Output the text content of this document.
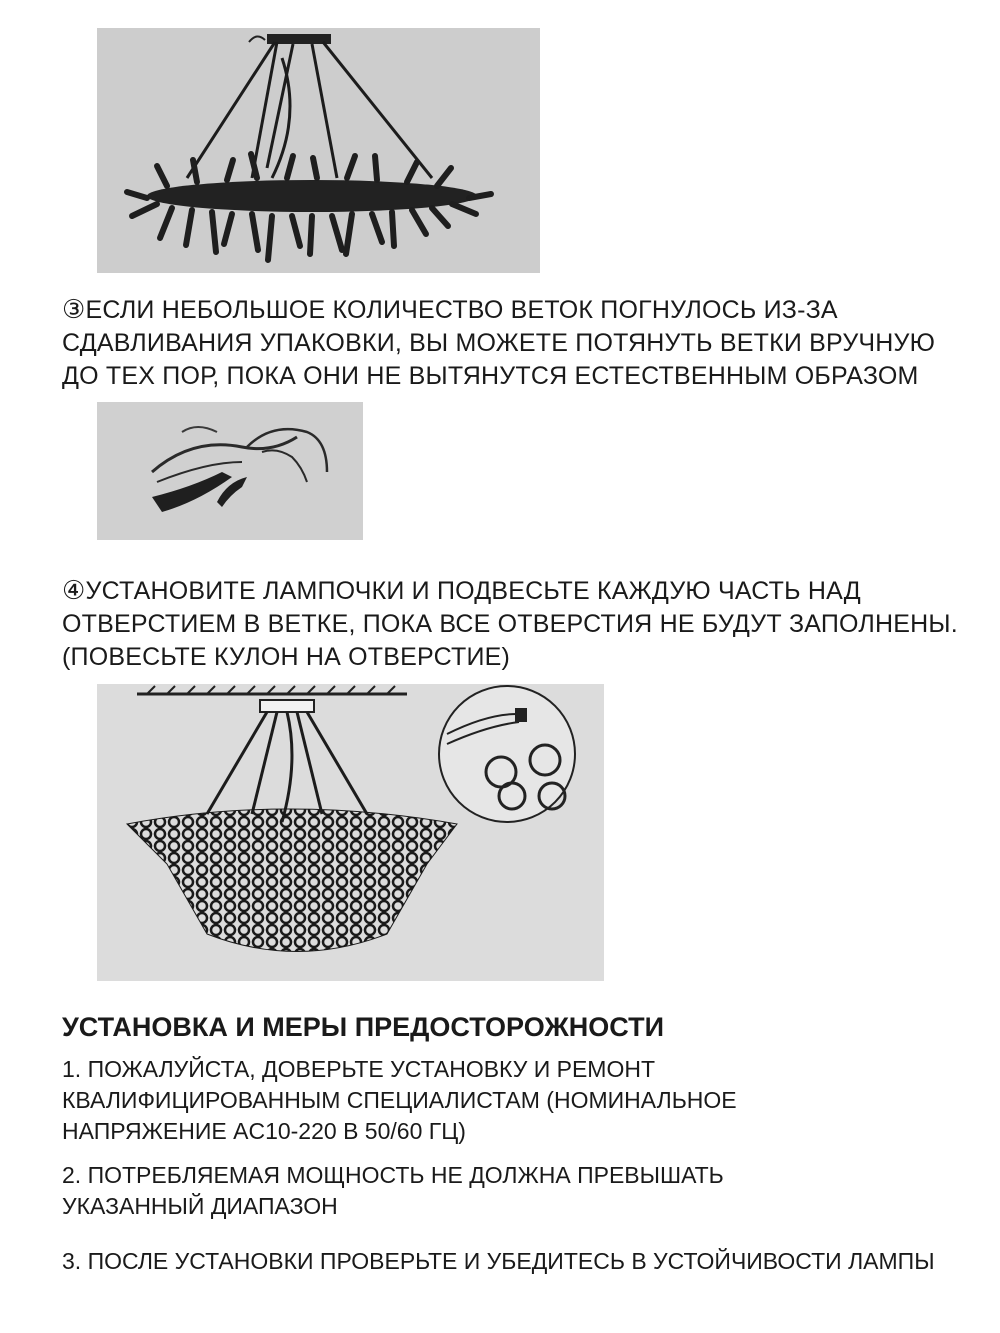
③ЕСЛИ НЕБОЛЬШОЕ КОЛИЧЕСТВО ВЕТОК ПОГНУЛОСЬ ИЗ-ЗА СДАВЛИВАНИЯ УПАКОВКИ, ВЫ МОЖЕТЕ ПОТЯНУТЬ ВЕТКИ ВРУЧНУЮ ДО ТЕХ ПОР, ПОКА ОНИ НЕ ВЫТЯНУТСЯ ЕСТЕСТВЕННЫМ ОБРАЗОМ

④УСТАНОВИТЕ ЛАМПОЧКИ И ПОДВЕСЬТЕ КАЖДУЮ ЧАСТЬ НАД ОТВЕРСТИЕМ В ВЕТКЕ, ПОКА ВСЕ ОТВЕРСТИЯ НЕ БУДУТ ЗАПОЛНЕНЫ. (ПОВЕСЬТЕ КУЛОН НА ОТВЕРСТИЕ)

УСТАНОВКА И МЕРЫ ПРЕДОСТОРОЖНОСТИ

1. ПОЖАЛУЙСТА, ДОВЕРЬТЕ УСТАНОВКУ И РЕМОНТ КВАЛИФИЦИРОВАННЫМ СПЕЦИАЛИСТАМ (НОМИНАЛЬНОЕ НАПРЯЖЕНИЕ AC10-220 В 50/60 ГЦ)

2. ПОТРЕБЛЯЕМАЯ МОЩНОСТЬ НЕ ДОЛЖНА ПРЕВЫШАТЬ УКАЗАННЫЙ ДИАПАЗОН

3. ПОСЛЕ УСТАНОВКИ ПРОВЕРЬТЕ И УБЕДИТЕСЬ В УСТОЙЧИВОСТИ ЛАМПЫ
